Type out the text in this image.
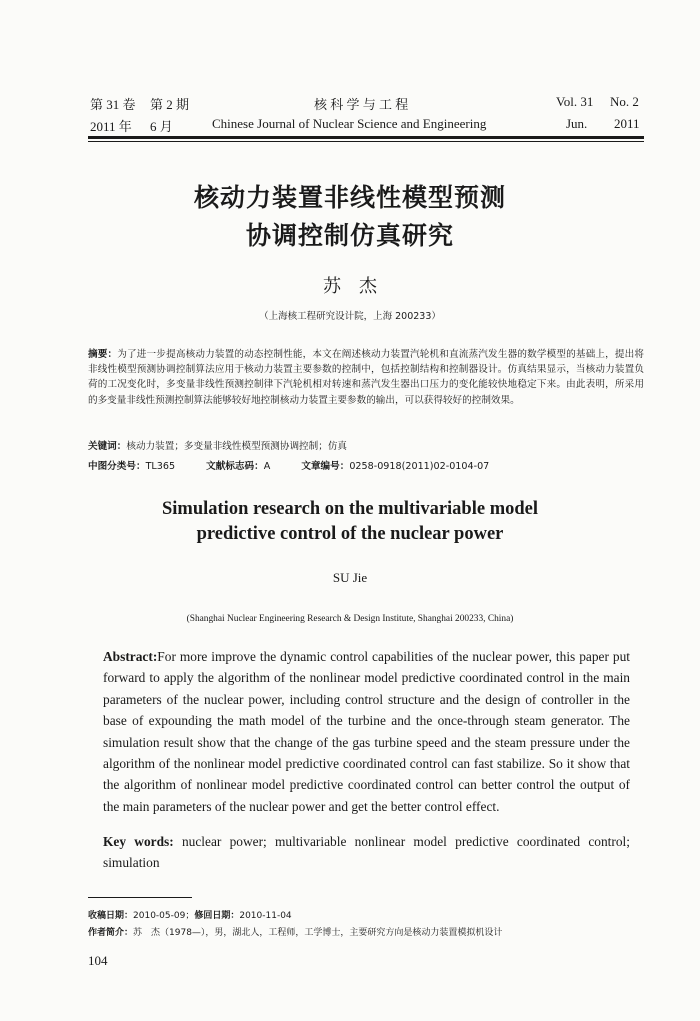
第 31 卷 第 2 期	核 科 学 与 工 程	Vol. 31 No. 2
2011 年 6 月	Chinese Journal of Nuclear Science and Engineering	Jun. 2011
核动力装置非线性模型预测
协调控制仿真研究
苏　杰
（上海核工程研究设计院，上海 200233）
摘要：为了进一步提高核动力装置的动态控制性能，本文在阐述核动力装置汽轮机和直流蒸汽发生器的数学模型的基础上，提出将非线性模型预测协调控制算法应用于核动力装置主要参数的控制中，包括控制结构和控制器设计。仿真结果显示，当核动力装置负荷的工况变化时，多变量非线性预测控制律下汽轮机相对转速和蒸汽发生器出口压力的变化能较快地稳定下来。由此表明，所采用的多变量非线性预测控制算法能够较好地控制核动力装置主要参数的输出，可以获得较好的控制效果。
关键词：核动力装置；多变量非线性模型预测协调控制；仿真
中图分类号：TL365	文献标志码：A	文章编号：0258-0918(2011)02-0104-07
Simulation research on the multivariable model
predictive control of the nuclear power
SU Jie
(Shanghai Nuclear Engineering Research & Design Institute, Shanghai 200233, China)
Abstract:For more improve the dynamic control capabilities of the nuclear power, this paper put forward to apply the algorithm of the nonlinear model predictive coordinated control in the main parameters of the nuclear power, including control structure and the design of controller in the base of expounding the math model of the turbine and the once-through steam generator. The simulation result show that the change of the gas turbine speed and the steam pressure under the algorithm of the nonlinear model predictive coordinated control can fast stabilize. So it show that the algorithm of nonlinear model predictive coordinated control can better control the output of the main parameters of the nuclear power and get the better control effect.
Key words: nuclear power; multivariable nonlinear model predictive coordinated control; simulation
收稿日期：2010-05-09；修回日期：2010-11-04
作者简介：苏　杰（1978—），男，湖北人，工程师，工学博士，主要研究方向是核动力装置模拟机设计
104
